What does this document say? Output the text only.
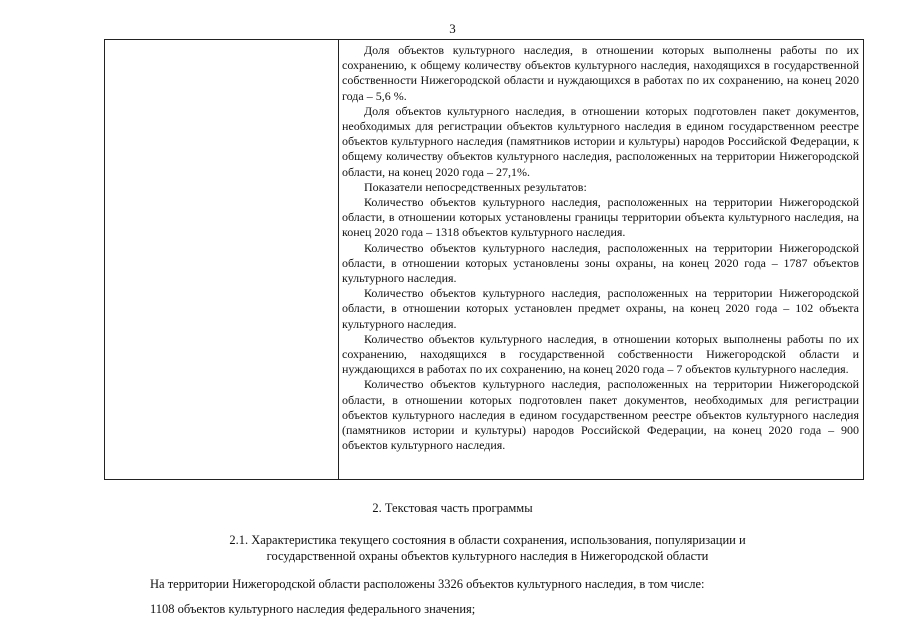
3

Доля объектов культурного наследия, в отношении которых выполнены работы по их сохранению, к общему количеству объектов культурного наследия, находящихся в государственной собственности Нижегородской области и нуждающихся в работах по их сохранению, на конец 2020 года – 5,6 %.

Доля объектов культурного наследия, в отношении которых подготовлен пакет документов, необходимых для регистрации объектов культурного наследия в едином государственном реестре объектов культурного наследия (памятников истории и культуры) народов Российской Федерации, к общему количеству объектов культурного наследия, расположенных на территории Нижегородской области, на конец 2020 года – 27,1%.

Показатели непосредственных результатов:

Количество объектов культурного наследия, расположенных на территории Нижегородской области, в отношении которых установлены границы территории объекта культурного наследия, на конец 2020 года – 1318 объектов культурного наследия.

Количество объектов культурного наследия, расположенных на территории Нижегородской области, в отношении которых установлены зоны охраны, на конец 2020 года – 1787 объектов культурного наследия.

Количество объектов культурного наследия, расположенных на территории Нижегородской области, в отношении которых установлен предмет охраны, на конец 2020 года – 102 объекта культурного наследия.

Количество объектов культурного наследия, в отношении которых выполнены работы по их сохранению, находящихся в государственной собственности Нижегородской области и нуждающихся в работах по их сохранению, на конец 2020 года – 7 объектов культурного наследия.

Количество объектов культурного наследия, расположенных на территории Нижегородской области, в отношении которых подготовлен пакет документов, необходимых для регистрации объектов культурного наследия в едином государственном реестре объектов культурного наследия (памятников истории и культуры) народов Российской Федерации, на конец 2020 года – 900 объектов культурного наследия.

2. Текстовая часть программы
2.1. Характеристика текущего состояния в области сохранения, использования, популяризации и государственной охраны объектов культурного наследия в Нижегородской области
На территории Нижегородской области расположены 3326 объектов культурного наследия, в том числе:
1108 объектов культурного наследия федерального значения;
